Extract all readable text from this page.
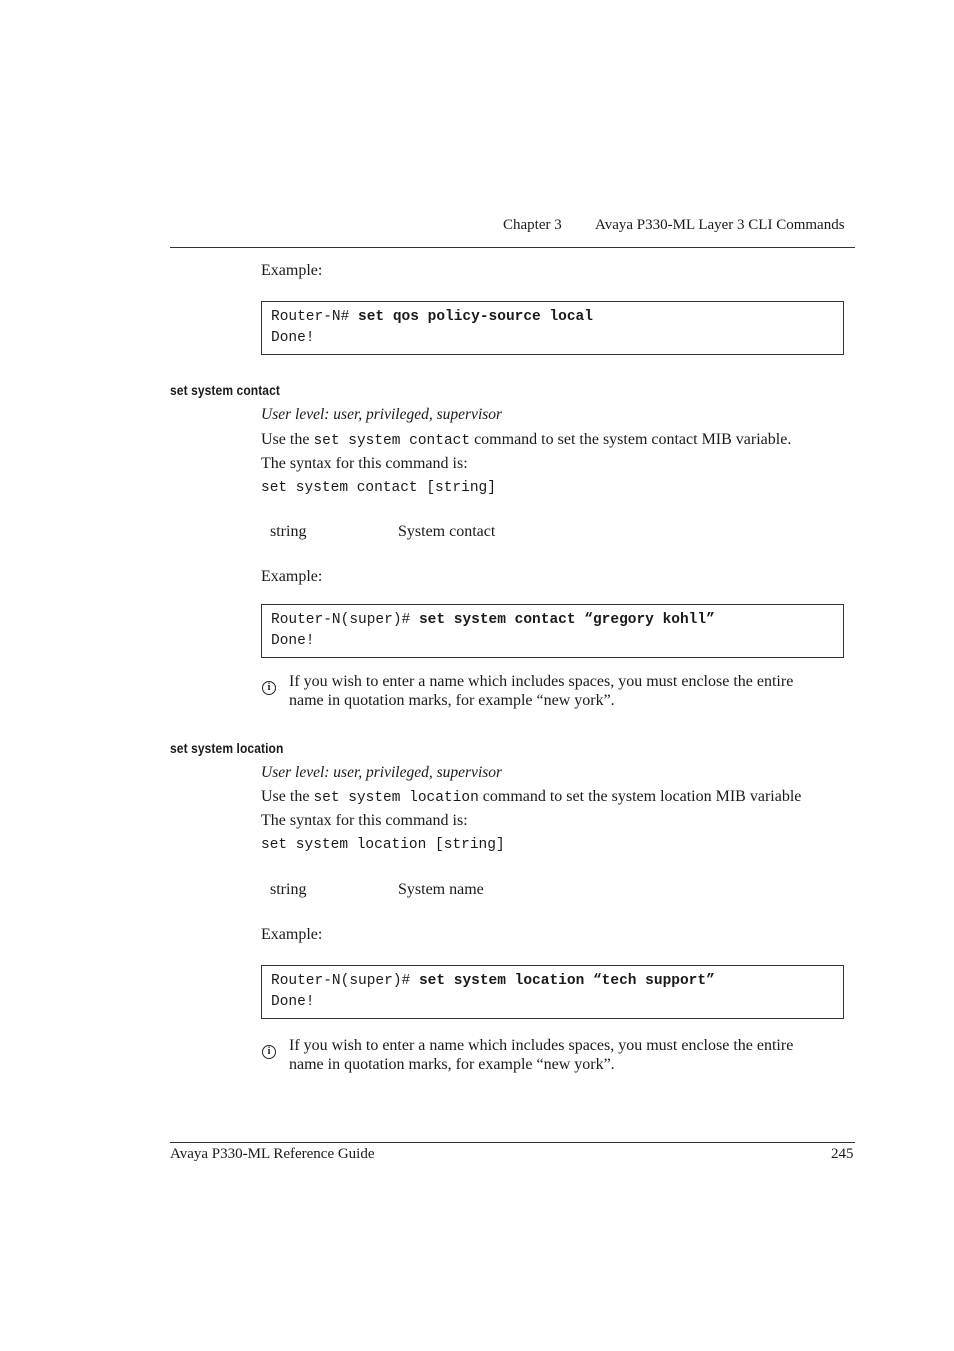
Chapter 3 Avaya P330-ML Layer 3 CLI Commands
Example:
Router-N# set qos policy-source local
Done!
set system contact
User level: user, privileged, supervisor
Use the set system contact command to set the system contact MIB variable.
The syntax for this command is:
set system contact [string]
string	System contact
Example:
Router-N(super)# set system contact “gregory kohll”
Done!
i	If you wish to enter a name which includes spaces, you must enclose the entire
name in quotation marks, for example “new york”.
set system location
User level: user, privileged, supervisor
Use the set system location command to set the system location MIB variable
The syntax for this command is:
set system location [string]
string	System name
Example:
Router-N(super)# set system location “tech support”
Done!
i	If you wish to enter a name which includes spaces, you must enclose the entire
name in quotation marks, for example “new york”.
Avaya P330-ML Reference Guide	245
